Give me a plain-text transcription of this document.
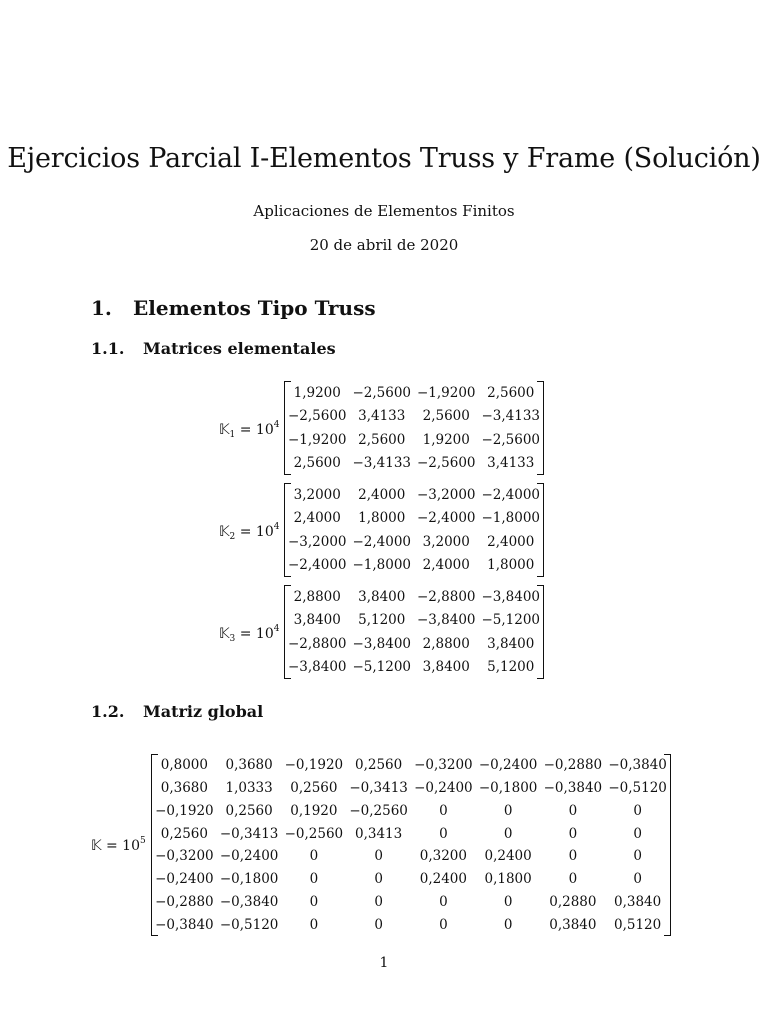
Ejercicios Parcial I-Elementos Truss y Frame (Solución)
Aplicaciones de Elementos Finitos
20 de abril de 2020
1. Elementos Tipo Truss
1.1. Matrices elementales
𝕂$_1$ = $10^4$
1,9200	−2,5600	−1,9200	2,5600
−2,5600	3,4133	2,5600	−3,4133
−1,9200	2,5600	1,9200	−2,5600
2,5600	−3,4133	−2,5600	3,4133
𝕂$_2$ = $10^4$
3,2000	2,4000	−3,2000	−2,4000
2,4000	1,8000	−2,4000	−1,8000
−3,2000	−2,4000	3,2000	2,4000
−2,4000	−1,8000	2,4000	1,8000
𝕂$_3$ = $10^4$
2,8800	3,8400	−2,8800	−3,8400
3,8400	5,1200	−3,8400	−5,1200
−2,8800	−3,8400	2,8800	3,8400
−3,8400	−5,1200	3,8400	5,1200
1.2. Matriz global
𝕂 = $10^5$
0,8000	0,3680	−0,1920	0,2560	−0,3200	−0,2400	−0,2880	−0,3840
0,3680	1,0333	0,2560	−0,3413	−0,2400	−0,1800	−0,3840	−0,5120
−0,1920	0,2560	0,1920	−0,2560	0	0	0	0
0,2560	−0,3413	−0,2560	0,3413	0	0	0	0
−0,3200	−0,2400	0	0	0,3200	0,2400	0	0
−0,2400	−0,1800	0	0	0,2400	0,1800	0	0
−0,2880	−0,3840	0	0	0	0	0,2880	0,3840
−0,3840	−0,5120	0	0	0	0	0,3840	0,5120
1
